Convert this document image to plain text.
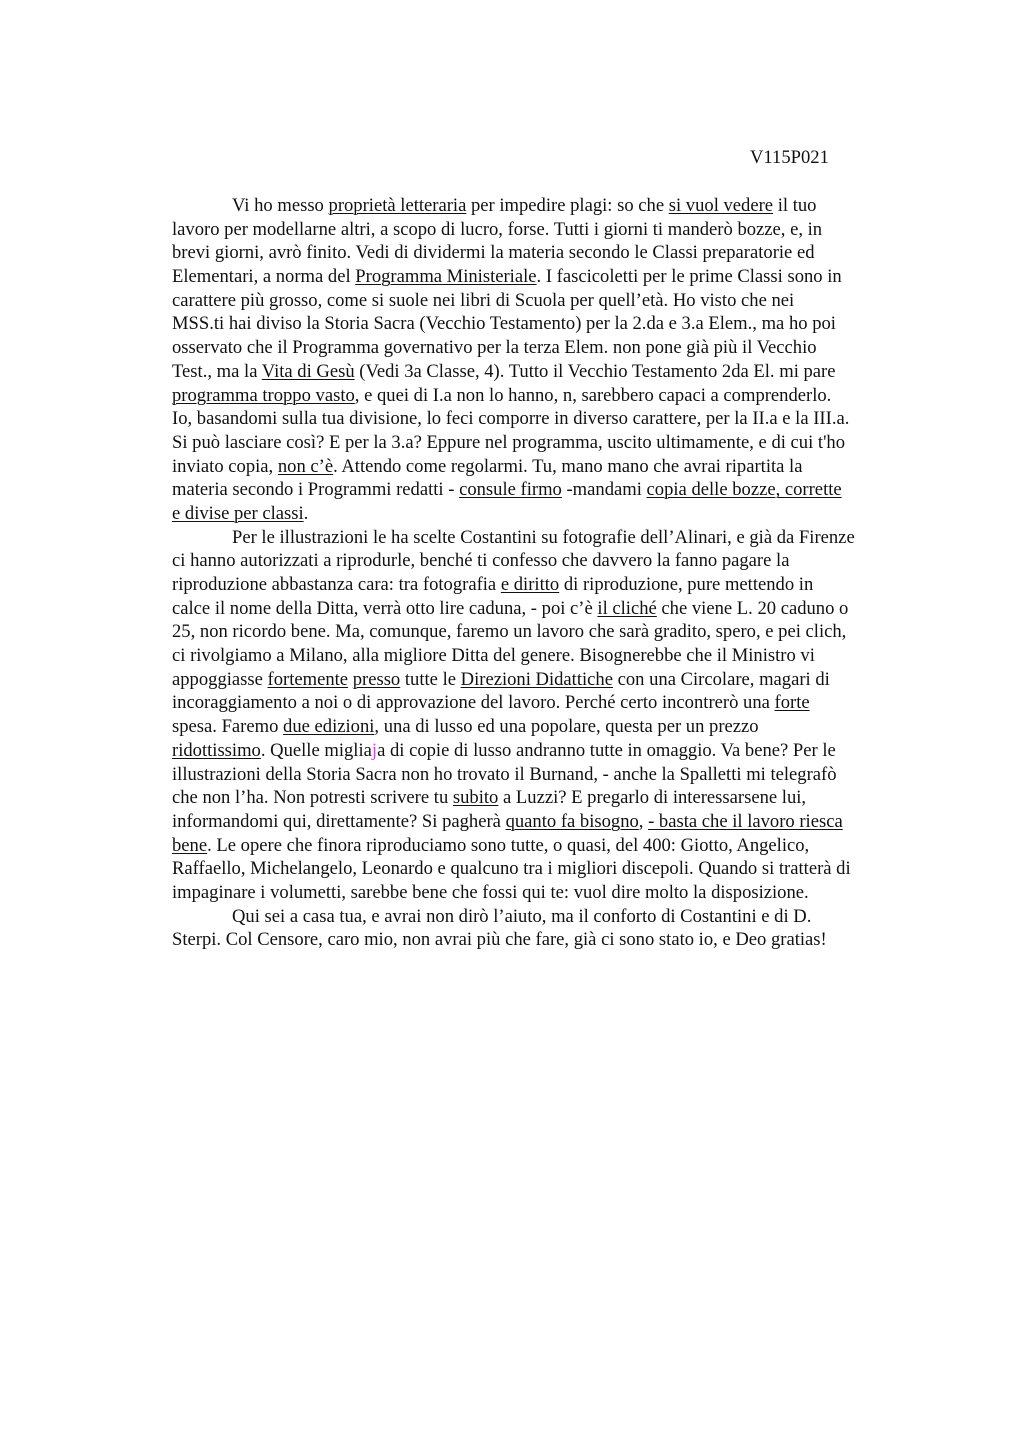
V115P021
Vi ho messo proprietà letteraria per impedire plagi: so che si vuol vedere il tuo
lavoro per modellarne altri, a scopo di lucro, forse. Tutti i giorni ti manderò bozze, e, in
brevi giorni, avrò finito. Vedi di dividermi la materia secondo le Classi preparatorie ed
Elementari, a norma del Programma Ministeriale. I fascicoletti per le prime Classi sono in
carattere più grosso, come si suole nei libri di Scuola per quell’età. Ho visto che nei
MSS.ti hai diviso la Storia Sacra (Vecchio Testamento) per la 2.da e 3.a Elem., ma ho poi
osservato che il Programma governativo per la terza Elem. non pone già più il Vecchio
Test., ma la Vita di Gesù (Vedi 3a Classe, 4). Tutto il Vecchio Testamento 2da El. mi pare
programma troppo vasto, e quei di I.a non lo hanno, n, sarebbero capaci a comprenderlo.
Io, basandomi sulla tua divisione, lo feci comporre in diverso carattere, per la II.a e la III.a.
Si può lasciare così? E per la 3.a? Eppure nel programma, uscito ultimamente, e di cui t'ho
inviato copia, non c’è. Attendo come regolarmi. Tu, mano mano che avrai ripartita la
materia secondo i Programmi redatti - consule firmo -mandami copia delle bozze, corrette
e divise per classi.
Per le illustrazioni le ha scelte Costantini su fotografie dell’Alinari, e già da Firenze
ci hanno autorizzati a riprodurle, benché ti confesso che davvero la fanno pagare la
riproduzione abbastanza cara: tra fotografia e diritto di riproduzione, pure mettendo in
calce il nome della Ditta, verrà otto lire caduna, - poi c’è il cliché che viene L. 20 caduno o
25, non ricordo bene. Ma, comunque, faremo un lavoro che sarà gradito, spero, e pei clich,
ci rivolgiamo a Milano, alla migliore Ditta del genere. Bisognerebbe che il Ministro vi
appoggiasse fortemente presso tutte le Direzioni Didattiche con una Circolare, magari di
incoraggiamento a noi o di approvazione del lavoro. Perché certo incontrerò una forte
spesa. Faremo due edizioni, una di lusso ed una popolare, questa per un prezzo
ridottissimo. Quelle migliaja di copie di lusso andranno tutte in omaggio. Va bene? Per le
illustrazioni della Storia Sacra non ho trovato il Burnand, - anche la Spalletti mi telegrafò
che non l’ha. Non potresti scrivere tu subito a Luzzi? E pregarlo di interessarsene lui,
informandomi qui, direttamente? Si pagherà quanto fa bisogno, - basta che il lavoro riesca
bene. Le opere che finora riproduciamo sono tutte, o quasi, del 400: Giotto, Angelico,
Raffaello, Michelangelo, Leonardo e qualcuno tra i migliori discepoli. Quando si tratterà di
impaginare i volumetti, sarebbe bene che fossi qui te: vuol dire molto la disposizione.
Qui sei a casa tua, e avrai non dirò l’aiuto, ma il conforto di Costantini e di D.
Sterpi. Col Censore, caro mio, non avrai più che fare, già ci sono stato io, e Deo gratias!
